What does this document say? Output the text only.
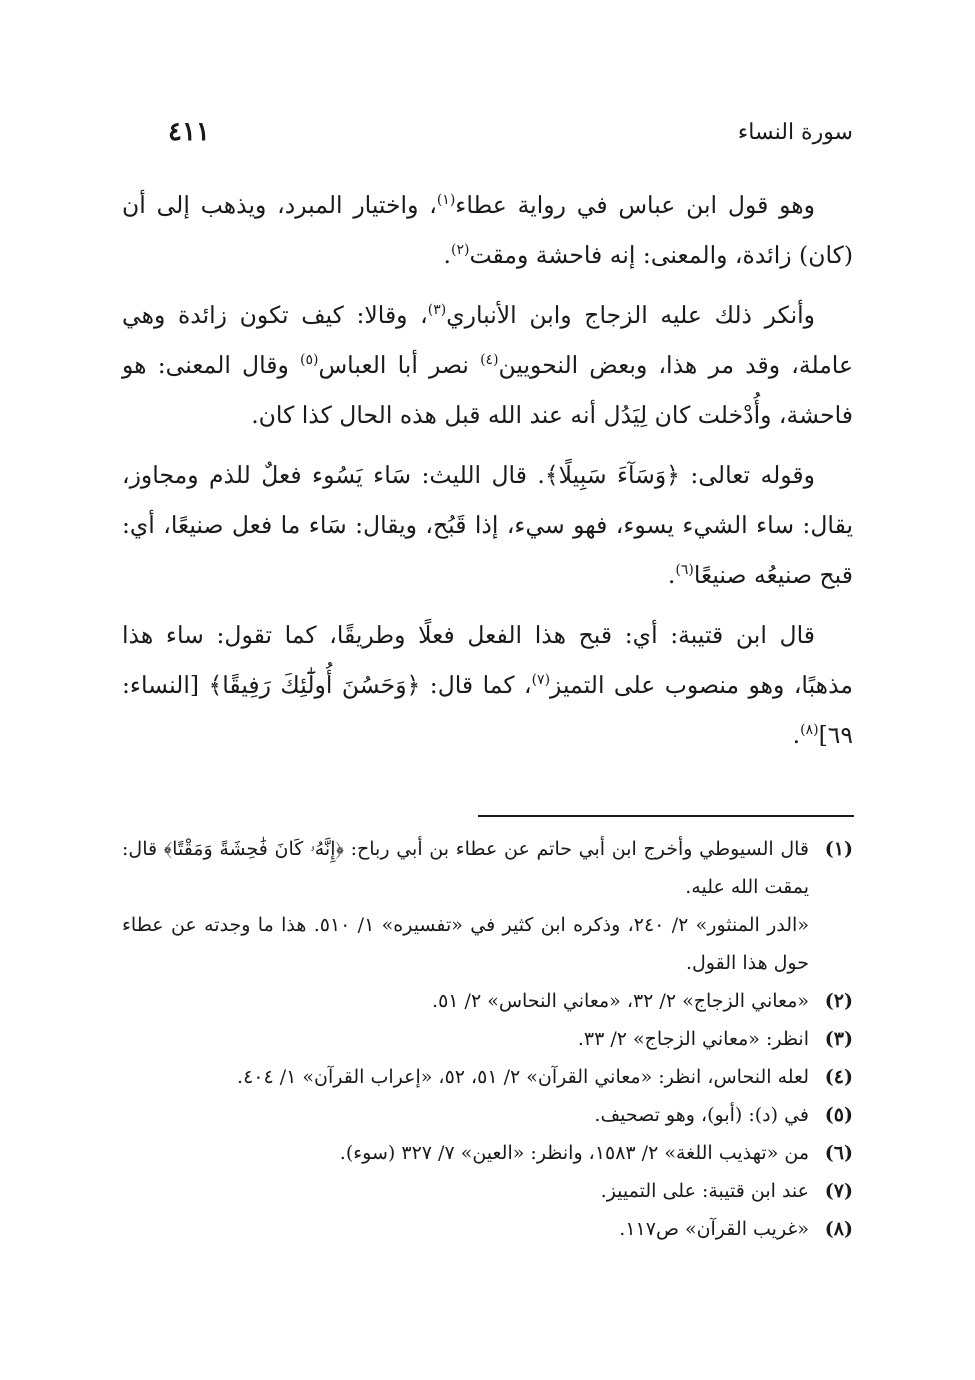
سورة النساء
٤١١

وهو قول ابن عباس في رواية عطاء$^{(١)}$، واختيار المبرد، ويذهب إلى أن (كان) زائدة، والمعنى: إنه فاحشة ومقت$^{(٢)}$.

وأنكر ذلك عليه الزجاج وابن الأنباري$^{(٣)}$، وقالا: كيف تكون زائدة وهي عاملة، وقد مر هذا، وبعض النحويين$^{(٤)}$ نصر أبا العباس$^{(٥)}$ وقال المعنى: هو فاحشة، وأُدْخلت كان لِيَدُل أنه عند الله قبل هذه الحال كذا كان.

وقوله تعالى: ﴿وَسَآءَ سَبِيلًا﴾. قال الليث: سَاء يَسُوء فعلٌ للذم ومجاوز، يقال: ساء الشيء يسوء، فهو سيء، إذا قَبُح، ويقال: سَاء ما فعل صنيعًا، أي: قبح صنيعُه صنيعًا$^{(٦)}$.

قال ابن قتيبة: أي: قبح هذا الفعل فعلًا وطريقًا، كما تقول: ساء هذا مذهبًا، وهو منصوب على التميز$^{(٧)}$، كما قال: ﴿وَحَسُنَ أُولَٰٓئِكَ رَفِيقًا﴾ [النساء: ٦٩]$^{(٨)}$.

(١)
قال السيوطي وأخرج ابن أبي حاتم عن عطاء بن أبي رباح: ﴿إِنَّهُۥ كَانَ فَٰحِشَةً وَمَقْتًا﴾ قال: يمقت الله عليه.
«الدر المنثور» ٢/ ٢٤٠، وذكره ابن كثير في «تفسيره» ١/ ٥١٠. هذا ما وجدته عن عطاء حول هذا القول.
(٢)
«معاني الزجاج» ٢/ ٣٢، «معاني النحاس» ٢/ ٥١.
(٣)
انظر: «معاني الزجاج» ٢/ ٣٣.
(٤)
لعله النحاس، انظر: «معاني القرآن» ٢/ ٥١، ٥٢، «إعراب القرآن» ١/ ٤٠٤.
(٥)
في (د): (أبو)، وهو تصحيف.
(٦)
من «تهذيب اللغة» ٢/ ١٥٨٣، وانظر: «العين» ٧/ ٣٢٧ (سوء).
(٧)
عند ابن قتيبة: على التمييز.
(٨)
«غريب القرآن» ص١١٧.
